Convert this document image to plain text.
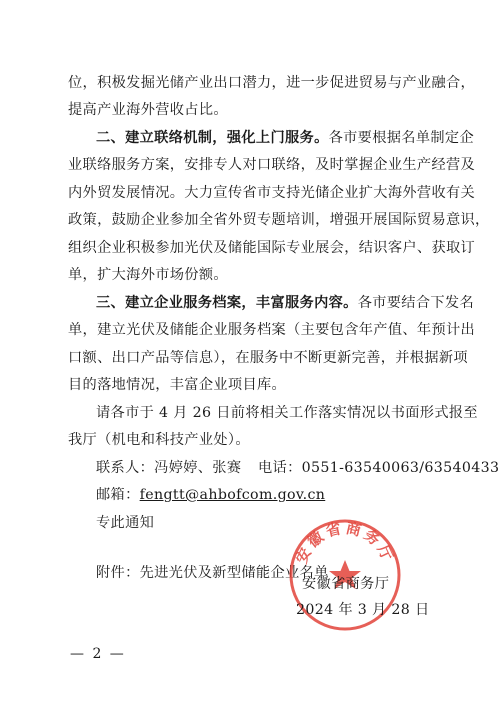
位，积极发掘光储产业出口潜力，进一步促进贸易与产业融合，
提高产业海外营收占比。
二、建立联络机制，强化上门服务。各市要根据名单制定企
业联络服务方案，安排专人对口联络，及时掌握企业生产经营及
内外贸发展情况。大力宣传省市支持光储企业扩大海外营收有关
政策，鼓励企业参加全省外贸专题培训，增强开展国际贸易意识，
组织企业积极参加光伏及储能国际专业展会，结识客户、获取订
单，扩大海外市场份额。
三、建立企业服务档案，丰富服务内容。各市要结合下发名
单，建立光伏及储能企业服务档案（主要包含年产值、年预计出
口额、出口产品等信息），在服务中不断更新完善，并根据新项
目的落地情况，丰富企业项目库。
请各市于 4 月 26 日前将相关工作落实情况以书面形式报至
我厅（机电和科技产业处）。
联系人：冯婷婷、张赛 电话：0551-63540063/63540433
邮箱：fengtt@ahbofcom.gov.cn
专此通知
附件：先进光伏及新型储能企业名单
安徽省商务厅
安徽省商务厅
2024 年 3 月 28 日
— 2 —
